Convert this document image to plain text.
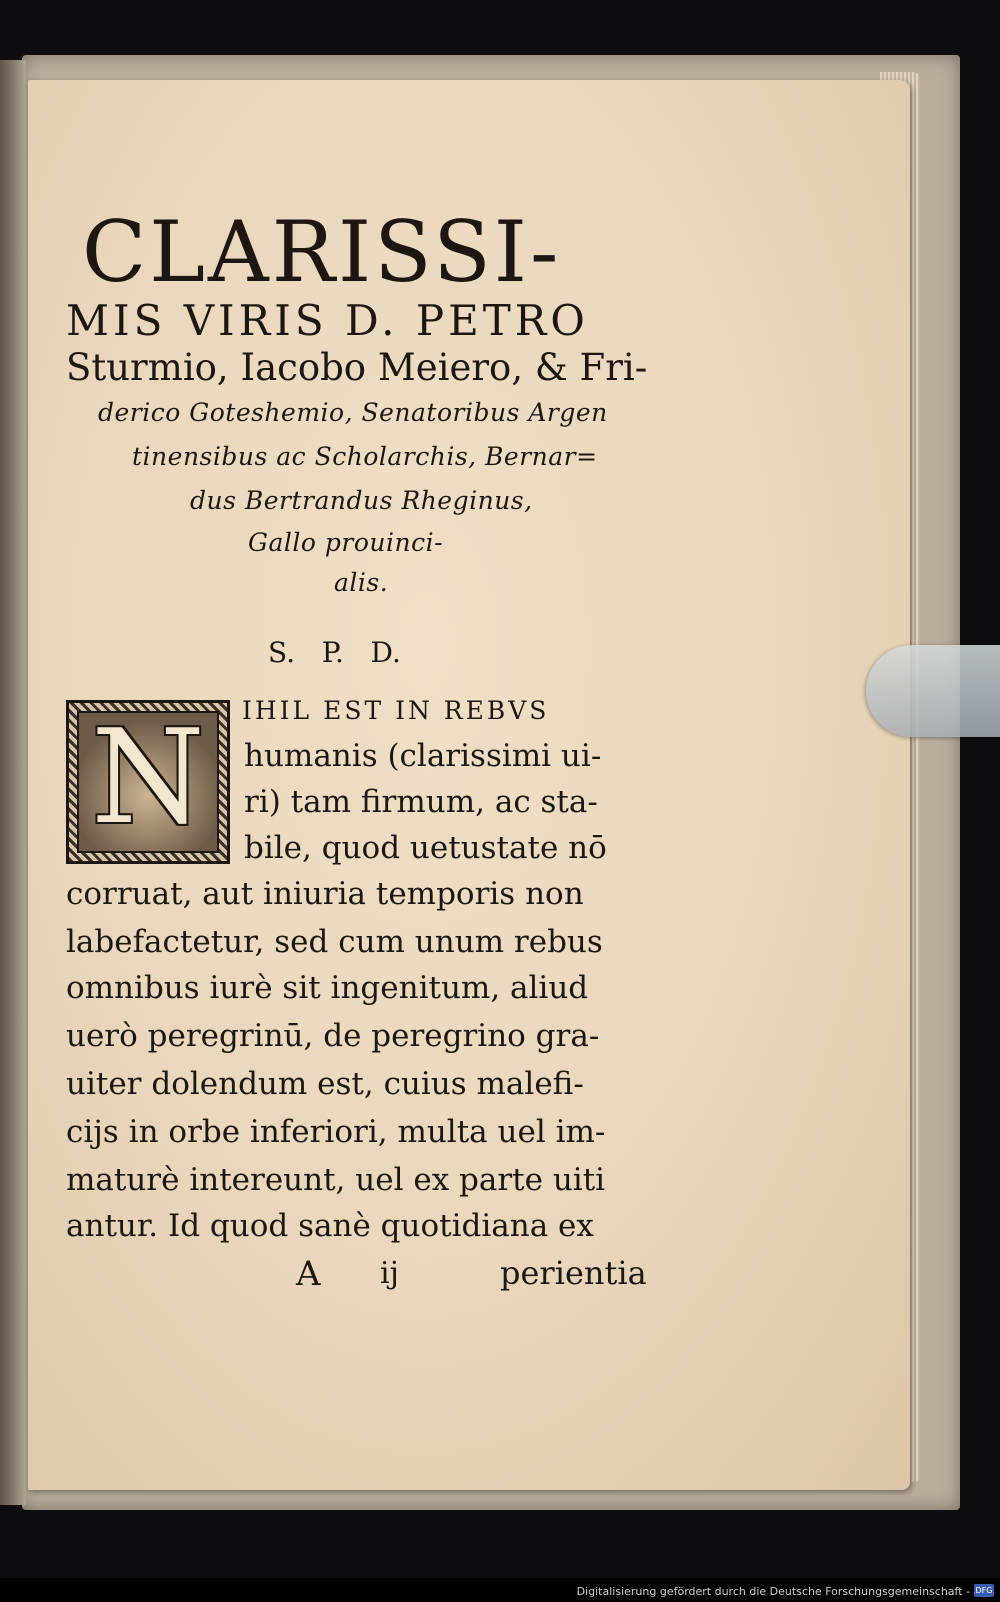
CLARISSI-
MIS VIRIS D. PETRO
Sturmio, Iacobo Meiero, & Fri-
derico Goteshemio, Senatoribus Argen
tinensibus ac Scholarchis, Bernar=
dus Bertrandus Rheginus,
Gallo prouinci-
alis.
S.   P.   D.
N	IHIL EST IN REBVS
humanis (clarissimi ui-
ri) tam firmum, ac sta-
bile, quod uetustate nō
corruat, aut iniuria temporis non
labefactetur, sed cum unum rebus
omnibus iurè sit ingenitum, aliud
uerò peregrinū, de peregrino gra-
uiter dolendum est, cuius malefi-
cijs in orbe inferiori, multa uel im-
maturè intereunt, uel ex parte uiti
antur. Id quod sanè quotidiana ex
A ij	perientia
Digitalisierung gefördert durch die Deutsche Forschungsgemeinschaft - DFG
